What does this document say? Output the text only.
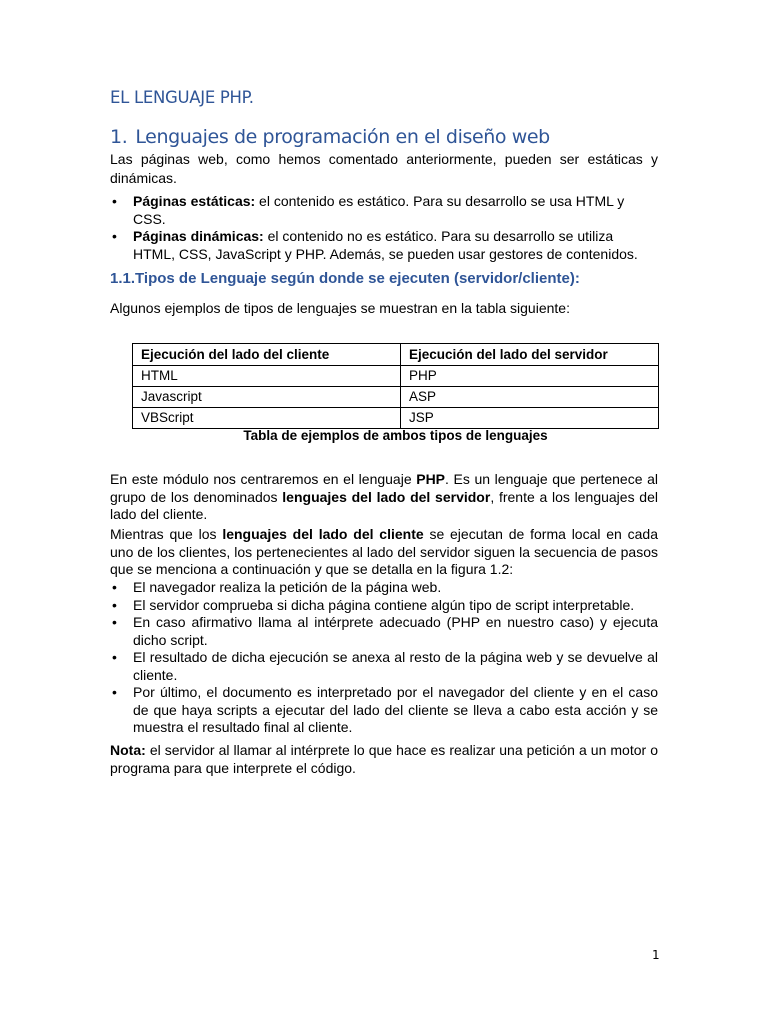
EL LENGUAJE PHP.
1. Lenguajes de programación en el diseño web

Las páginas web, como hemos comentado anteriormente, pueden ser estáticas y dinámicas.

• Páginas estáticas: el contenido es estático. Para su desarrollo se usa HTML y CSS.
• Páginas dinámicas: el contenido no es estático. Para su desarrollo se utiliza HTML, CSS, JavaScript y PHP. Además, se pueden usar gestores de contenidos.
1.1.Tipos de Lenguaje según donde se ejecuten (servidor/cliente):

Algunos ejemplos de tipos de lenguajes se muestran en la tabla siguiente:

Ejecución del lado del cliente	Ejecución del lado del servidor
HTML	PHP
Javascript	ASP
VBScript	JSP

Tabla de ejemplos de ambos tipos de lenguajes

En este módulo nos centraremos en el lenguaje PHP. Es un lenguaje que pertenece al grupo de los denominados lenguajes del lado del servidor, frente a los lenguajes del lado del cliente.

Mientras que los lenguajes del lado del cliente se ejecutan de forma local en cada uno de los clientes, los pertenecientes al lado del servidor siguen la secuencia de pasos que se menciona a continuación y que se detalla en la figura 1.2:

• El navegador realiza la petición de la página web.
• El servidor comprueba si dicha página contiene algún tipo de script interpretable.
• En caso afirmativo llama al intérprete adecuado (PHP en nuestro caso) y ejecuta dicho script.
• El resultado de dicha ejecución se anexa al resto de la página web y se devuelve al cliente.
• Por último, el documento es interpretado por el navegador del cliente y en el caso de que haya scripts a ejecutar del lado del cliente se lleva a cabo esta acción y se muestra el resultado final al cliente.

Nota: el servidor al llamar al intérprete lo que hace es realizar una petición a un motor o programa para que interprete el código.

1
